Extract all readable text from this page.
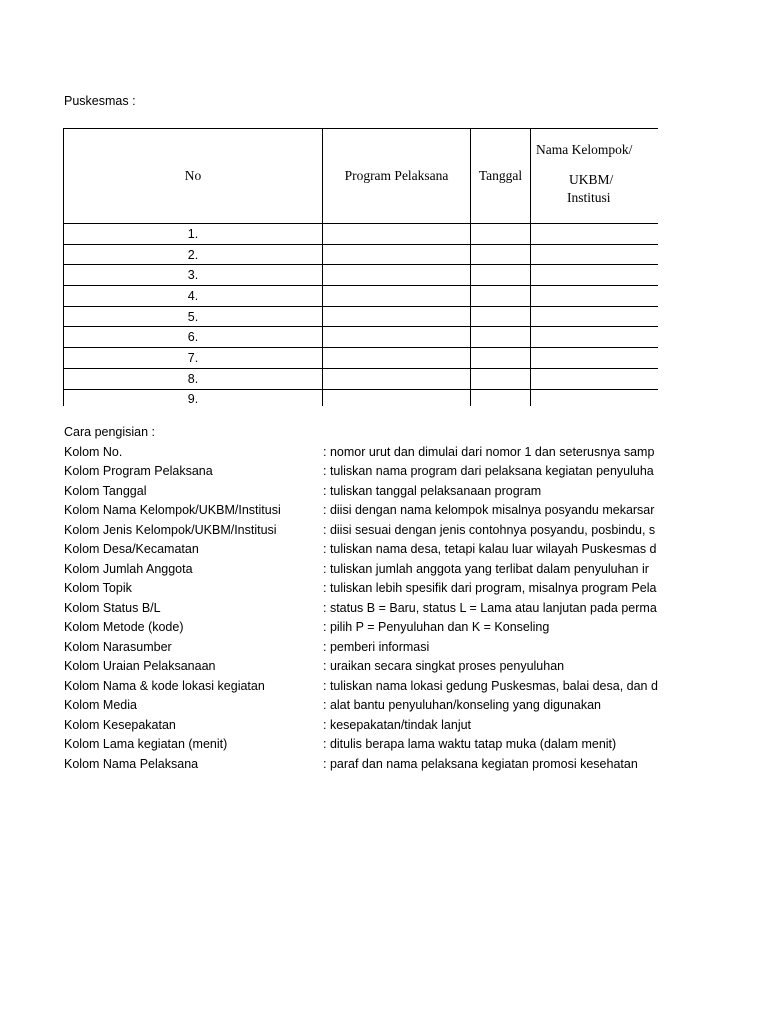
Puskesmas :
No	Program Pelaksana	Tanggal	Nama Kelompok/
UKBM/
Institusi

1.			
2.			
3.			
4.			
5.			
6.			
7.			
8.			
9.			
Cara pengisian :
Kolom No.	: nomor urut dan dimulai dari nomor 1 dan seterusnya samp
Kolom Program Pelaksana	: tuliskan nama program dari pelaksana kegiatan penyuluha
Kolom Tanggal	: tuliskan tanggal pelaksanaan program
Kolom Nama Kelompok/UKBM/Institusi	: diisi dengan nama kelompok misalnya posyandu mekarsar
Kolom Jenis Kelompok/UKBM/Institusi	: diisi sesuai dengan jenis contohnya posyandu, posbindu, s
Kolom Desa/Kecamatan	: tuliskan nama desa, tetapi kalau luar wilayah Puskesmas d
Kolom Jumlah Anggota	: tuliskan jumlah anggota yang terlibat dalam penyuluhan ir
Kolom Topik	: tuliskan lebih spesifik dari program, misalnya program Pela
Kolom Status B/L	: status B = Baru, status L = Lama atau lanjutan pada perma
Kolom Metode (kode)	: pilih P = Penyuluhan dan K = Konseling
Kolom Narasumber	: pemberi informasi
Kolom Uraian Pelaksanaan	: uraikan secara singkat proses penyuluhan
Kolom Nama & kode lokasi kegiatan	: tuliskan nama lokasi gedung Puskesmas, balai desa, dan d
Kolom Media	: alat bantu penyuluhan/konseling yang digunakan
Kolom Kesepakatan	: kesepakatan/tindak lanjut
Kolom Lama kegiatan (menit)	: ditulis berapa lama waktu tatap muka (dalam menit)
Kolom Nama Pelaksana	: paraf dan nama pelaksana kegiatan promosi kesehatan
